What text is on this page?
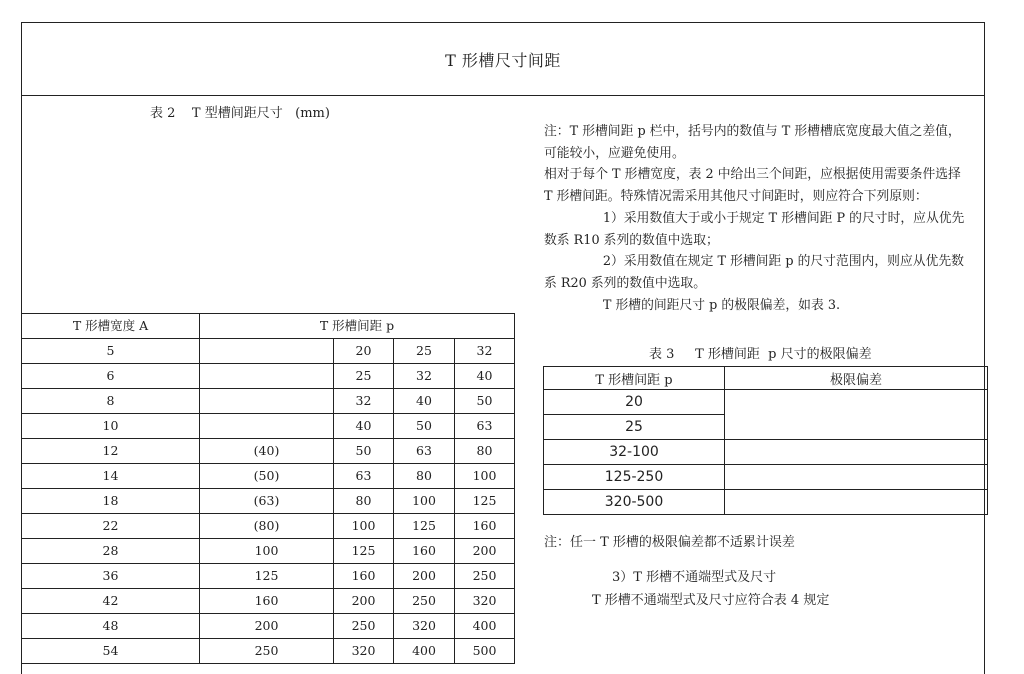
T 形槽尺寸间距
表 2    T 型槽间距尺寸   (mm)
T 形槽宽度 A	T 形槽间距 p			
5		20	25	32
6		25	32	40
8		32	40	50
10		40	50	63
12	(40)	50	63	80
14	(50)	63	80	100
18	(63)	80	100	125
22	(80)	100	125	160
28	100	125	160	200
36	125	160	200	250
42	160	200	250	320
48	200	250	320	400
54	250	320	400	500

注：T 形槽间距 p 栏中，括号内的数值与 T 形槽槽底宽度最大值之差值，

可能较小，应避免使用。

相对于每个 T 形槽宽度，表 2 中给出三个间距，应根据使用需要条件选择

T 形槽间距。特殊情况需采用其他尺寸间距时，则应符合下列原则：

1）采用数值大于或小于规定 T 形槽间距 P 的尺寸时，应从优先

数系 R10 系列的数值中选取；

2）采用数值在规定 T 形槽间距 p 的尺寸范围内，则应从优先数

系 R20 系列的数值中选取。

T 形槽的间距尺寸 p 的极限偏差，如表 3.

表 3     T 形槽间距  p 尺寸的极限偏差
T 形槽间距 p	极限偏差
20	
25	
32-100	
125-250	
320-500	
注：任一 T 形槽的极限偏差都不适累计误差
3）T 形槽不通端型式及尺寸
T 形槽不通端型式及尺寸应符合表 4 规定
